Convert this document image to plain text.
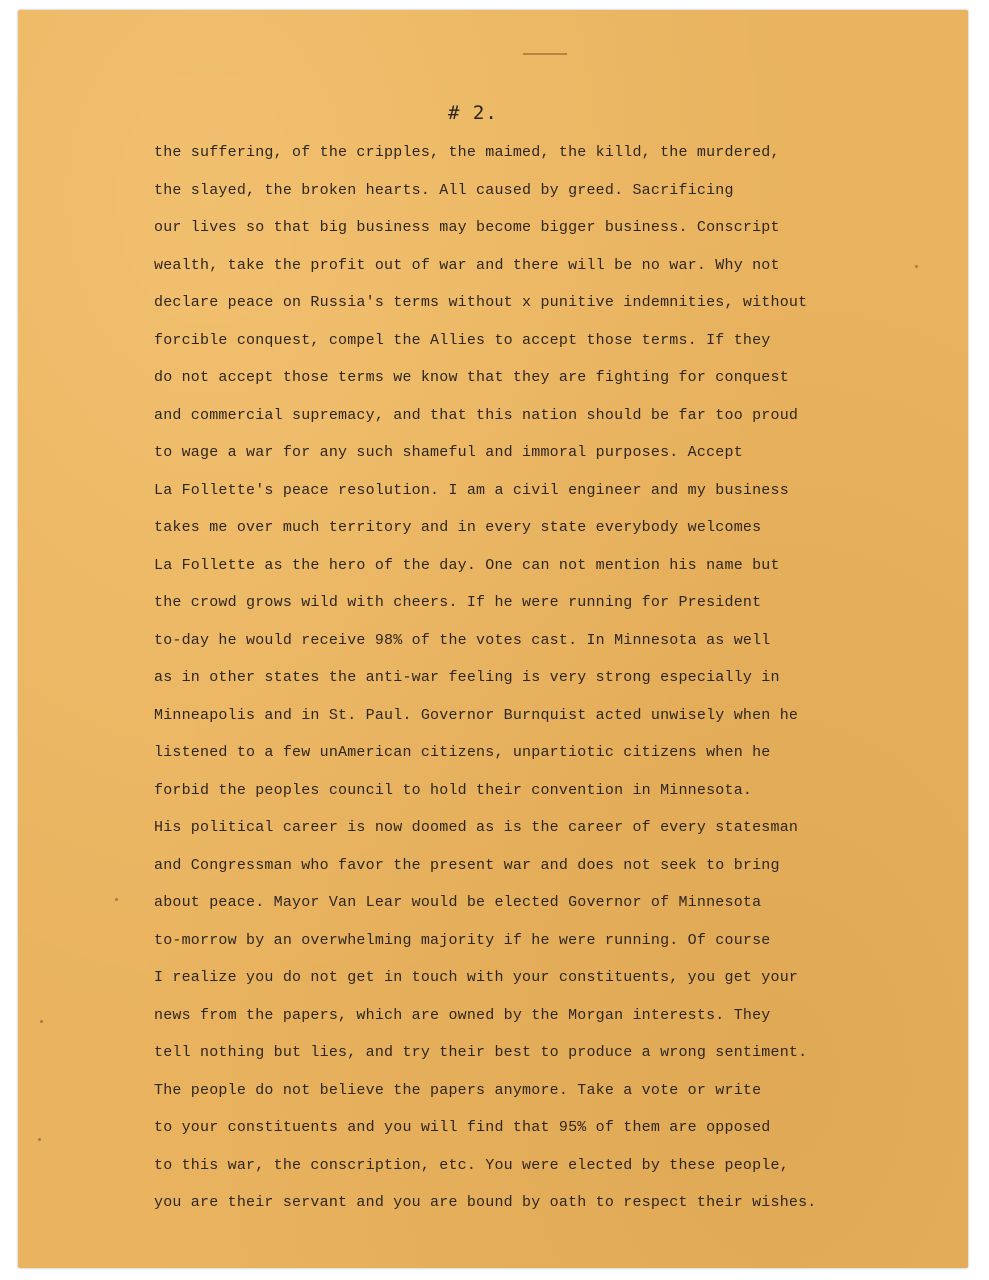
# 2.
the suffering, of the cripples, the maimed, the killd, the murdered,
the slayed, the broken hearts. All caused by greed. Sacrificing
our lives so that big business may become bigger business. Conscript
wealth, take the profit out of war and there will be no war. Why not
declare peace on Russia's terms without x punitive indemnities, without
forcible conquest, compel the Allies to accept those terms. If they
do not accept those terms we know that they are fighting for conquest
and commercial supremacy, and that this nation should be far too proud
to wage a war for any such shameful and immoral purposes. Accept
La Follette's peace resolution. I am a civil engineer and my business
takes me over much territory and in every state everybody welcomes
La Follette as the hero of the day. One can not mention his name but
the crowd grows wild with cheers. If he were running for President
to-day he would receive 98% of the votes cast. In Minnesota as well
as in other states the anti-war feeling is very strong especially in
Minneapolis and in St. Paul. Governor Burnquist acted unwisely when he
listened to a few unAmerican citizens, unpartiotic citizens when he
forbid the peoples council to hold their convention in Minnesota.
His political career is now doomed as is the career of every statesman
and Congressman who favor the present war and does not seek to bring
about peace. Mayor Van Lear would be elected Governor of Minnesota
to-morrow by an overwhelming majority if he were running. Of course
I realize you do not get in touch with your constituents, you get your
news from the papers, which are owned by the Morgan interests. They
tell nothing but lies, and try their best to produce a wrong sentiment.
The people do not believe the papers anymore. Take a vote or write
to your constituents and you will find that 95% of them are opposed
to this war, the conscription, etc. You were elected by these people,
you are their servant and you are bound by oath to respect their wishes.
